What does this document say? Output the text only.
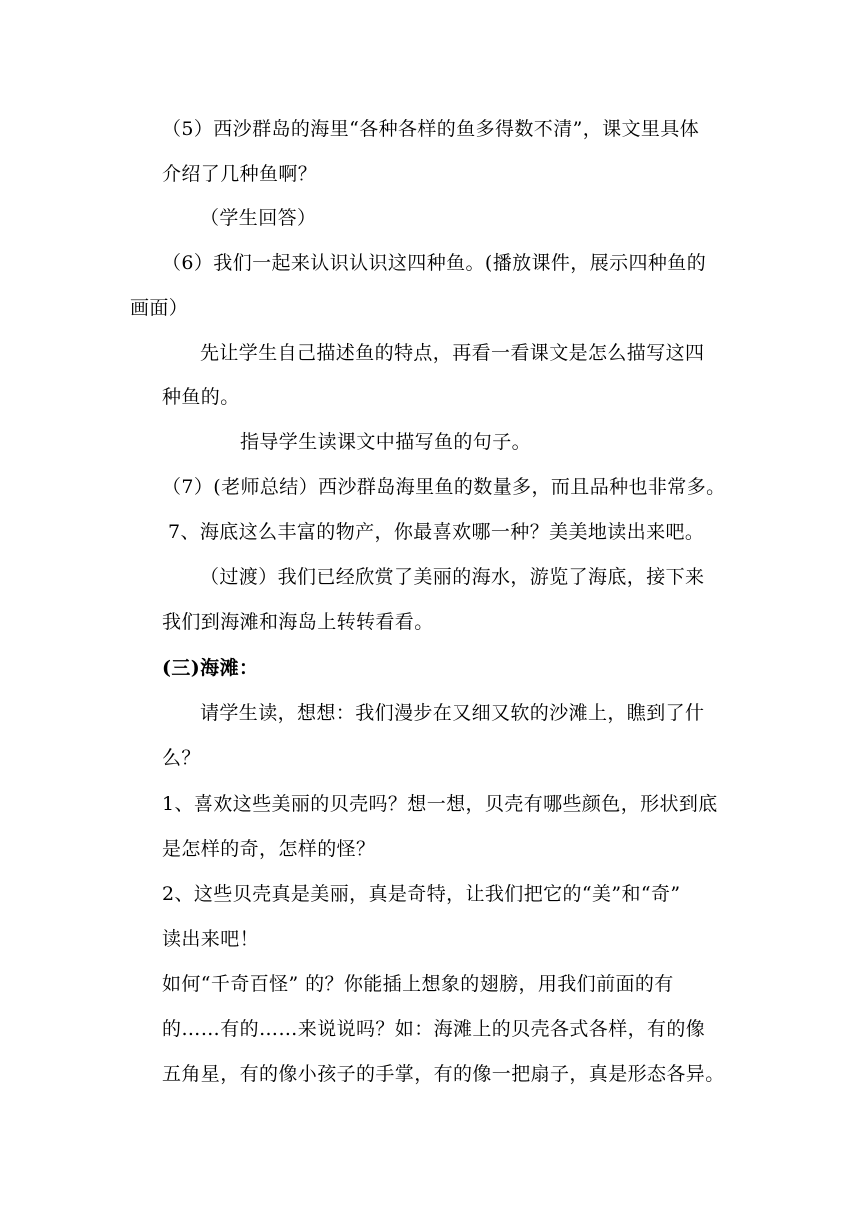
（5）西沙群岛的海里“各种各样的鱼多得数不清”，课文里具体
介绍了几种鱼啊？
（学生回答）
（6）我们一起来认识认识这四种鱼。(播放课件，展示四种鱼的
画面）
先让学生自己描述鱼的特点，再看一看课文是怎么描写这四
种鱼的。
指导学生读课文中描写鱼的句子。
（7）(老师总结）西沙群岛海里鱼的数量多，而且品种也非常多。
7、海底这么丰富的物产，你最喜欢哪一种？美美地读出来吧。
（过渡）我们已经欣赏了美丽的海水，游览了海底，接下来
我们到海滩和海岛上转转看看。
(三)海滩：
请学生读，想想：我们漫步在又细又软的沙滩上，瞧到了什
么？
1、喜欢这些美丽的贝壳吗？想一想，贝壳有哪些颜色，形状到底
是怎样的奇，怎样的怪？
2、这些贝壳真是美丽，真是奇特，让我们把它的“美”和“奇”
读出来吧！
如何“千奇百怪” 的？你能插上想象的翅膀，用我们前面的有
的……有的……来说说吗？如：海滩上的贝壳各式各样，有的像
五角星，有的像小孩子的手掌，有的像一把扇子，真是形态各异。
